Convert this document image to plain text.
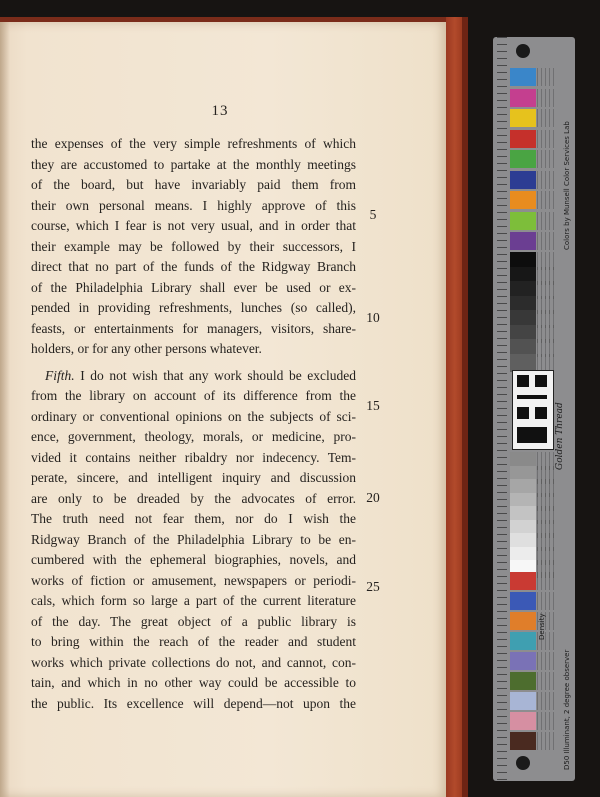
13
the expenses of the very simple refreshments of which
they are accustomed to partake at the monthly meetings
of the board, but have invariably paid them from
their own personal means. I highly approve of this
course, which I fear is not very usual, and in order that
their example may be followed by their successors, I
direct that no part of the funds of the Ridgway Branch
of the Philadelphia Library shall ever be used or ex-
pended in providing refreshments, lunches (so called),
feasts, or entertainments for managers, visitors, share-
holders, or for any other persons whatever.
Fifth. I do not wish that any work should be excluded
from the library on account of its difference from the
ordinary or conventional opinions on the subjects of sci-
ence, government, theology, morals, or medicine, pro-
vided it contains neither ribaldry nor indecency. Tem-
perate, sincere, and intelligent inquiry and discussion
are only to be dreaded by the advocates of error.
The truth need not fear them, nor do I wish the
Ridgway Branch of the Philadelphia Library to be en-
cumbered with the ephemeral biographies, novels, and
works of fiction or amusement, newspapers or periodi-
cals, which form so large a part of the current literature
of the day. The great object of a public library is
to bring within the reach of the reader and student
works which private collections do not, and cannot, con-
tain, and which in no other way could be accessible to
the public. Its excellence will depend—not upon the
5
10
15
20
25
Golden Thread
Colors by Munsell Color Services Lab
D50 Illuminant, 2 degree observer
Density
